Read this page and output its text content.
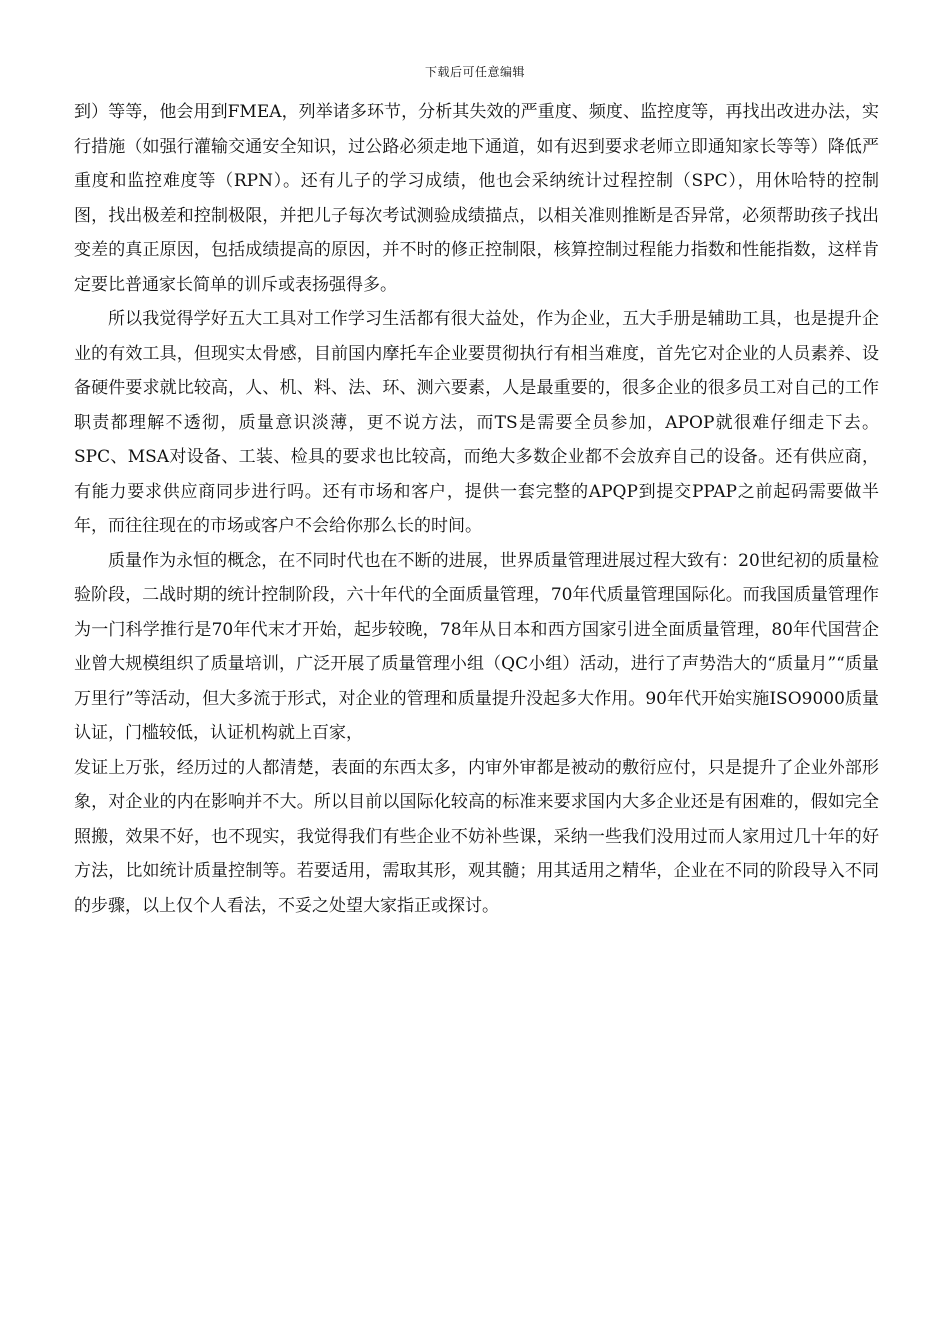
下载后可任意编辑

到）等等，他会用到FMEA，列举诸多环节，分析其失效的严重度、频度、监控度等，再找出改进办法，实行措施（如强行灌输交通安全知识，过公路必须走地下通道，如有迟到要求老师立即通知家长等等）降低严重度和监控难度等（RPN）。还有儿子的学习成绩，他也会采纳统计过程控制（SPC），用休哈特的控制图，找出极差和控制极限，并把儿子每次考试测验成绩描点，以相关准则推断是否异常，必须帮助孩子找出变差的真正原因，包括成绩提高的原因，并不时的修正控制限，核算控制过程能力指数和性能指数，这样肯定要比普通家长简单的训斥或表扬强得多。

所以我觉得学好五大工具对工作学习生活都有很大益处，作为企业，五大手册是辅助工具，也是提升企业的有效工具，但现实太骨感，目前国内摩托车企业要贯彻执行有相当难度，首先它对企业的人员素养、设备硬件要求就比较高，人、机、料、法、环、测六要素，人是最重要的，很多企业的很多员工对自己的工作职责都理解不透彻，质量意识淡薄，更不说方法，而TS是需要全员参加，APOP就很难仔细走下去。SPC、MSA对设备、工装、检具的要求也比较高，而绝大多数企业都不会放弃自己的设备。还有供应商，有能力要求供应商同步进行吗。还有市场和客户，提供一套完整的APQP到提交PPAP之前起码需要做半年，而往往现在的市场或客户不会给你那么长的时间。

质量作为永恒的概念，在不同时代也在不断的进展，世界质量管理进展过程大致有：20世纪初的质量检验阶段，二战时期的统计控制阶段，六十年代的全面质量管理，70年代质量管理国际化。而我国质量管理作为一门科学推行是70年代末才开始，起步较晚，78年从日本和西方国家引进全面质量管理，80年代国营企业曾大规模组织了质量培训，广泛开展了质量管理小组（QC小组）活动，进行了声势浩大的“质量月”“质量万里行”等活动，但大多流于形式，对企业的管理和质量提升没起多大作用。90年代开始实施ISO9000质量认证，门槛较低，认证机构就上百家，

发证上万张，经历过的人都清楚，表面的东西太多，内审外审都是被动的敷衍应付，只是提升了企业外部形象，对企业的内在影响并不大。所以目前以国际化较高的标准来要求国内大多企业还是有困难的，假如完全照搬，效果不好，也不现实，我觉得我们有些企业不妨补些课，采纳一些我们没用过而人家用过几十年的好方法，比如统计质量控制等。若要适用，需取其形，观其髓；用其适用之精华，企业在不同的阶段导入不同的步骤，以上仅个人看法，不妥之处望大家指正或探讨。
